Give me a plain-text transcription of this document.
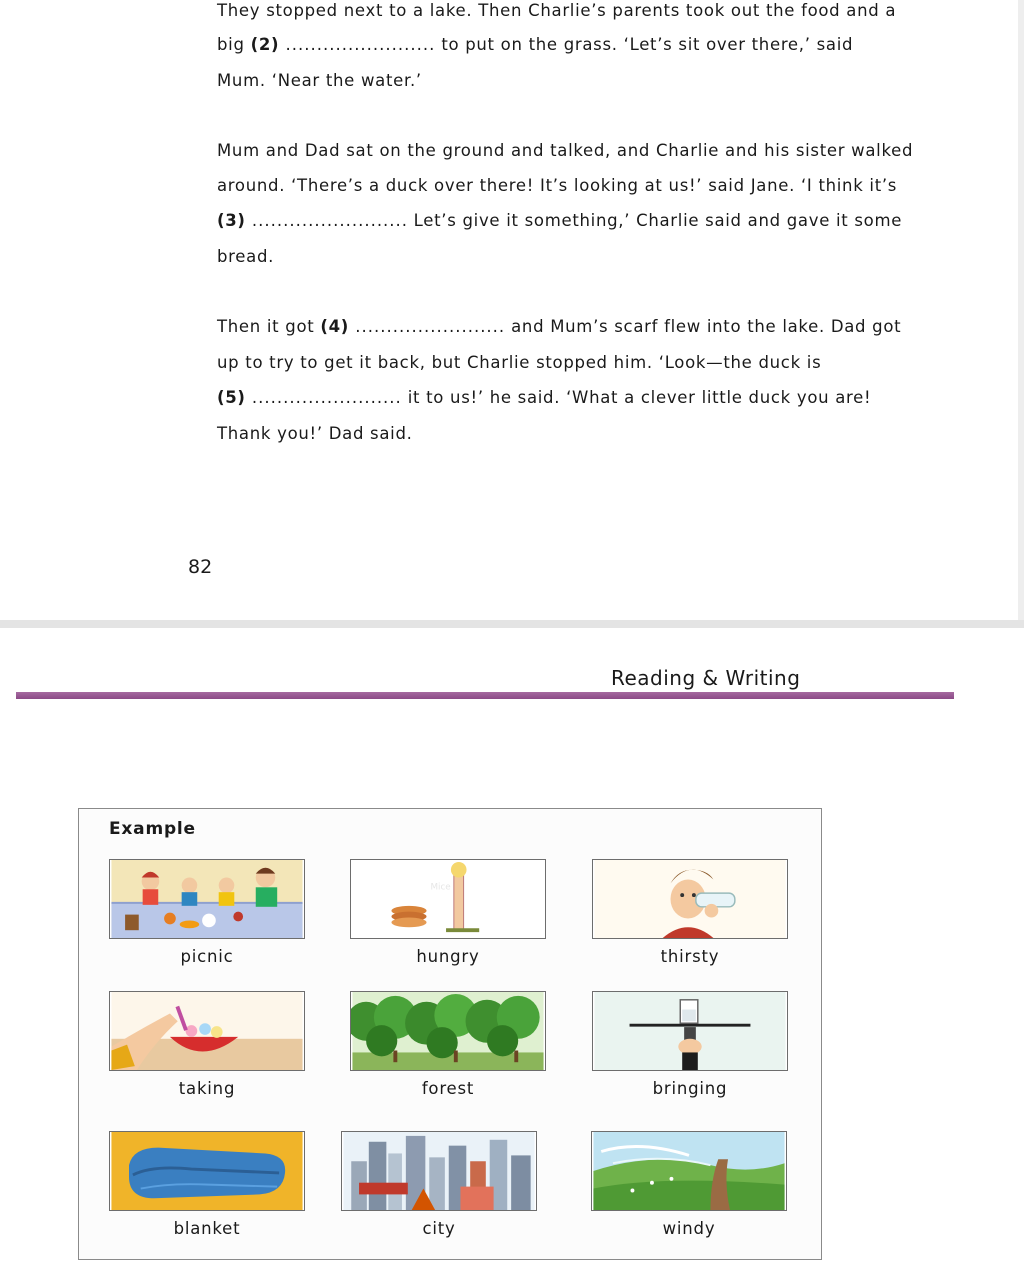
They stopped next to a lake. Then Charlie’s parents took out the food and a
big (2) ........................ to put on the grass. ‘Let’s sit over there,’ said
Mum. ‘Near the water.’
Mum and Dad sat on the ground and talked, and Charlie and his sister walked
around. ‘There’s a duck over there! It’s looking at us!’ said Jane. ‘I think it’s
(3) ......................... Let’s give it something,’ Charlie said and gave it some
bread.
Then it got (4) ........................ and Mum’s scarf flew into the lake. Dad got
up to try to get it back, but Charlie stopped him. ‘Look—the duck is
(5) ........................ it to us!’ he said. ‘What a clever little duck you are!
Thank you!’ Dad said.
82
Reading & Writing
Example
picnic
Mice
hungry	thirsty
taking	forest	bringing
blanket	city	windy
